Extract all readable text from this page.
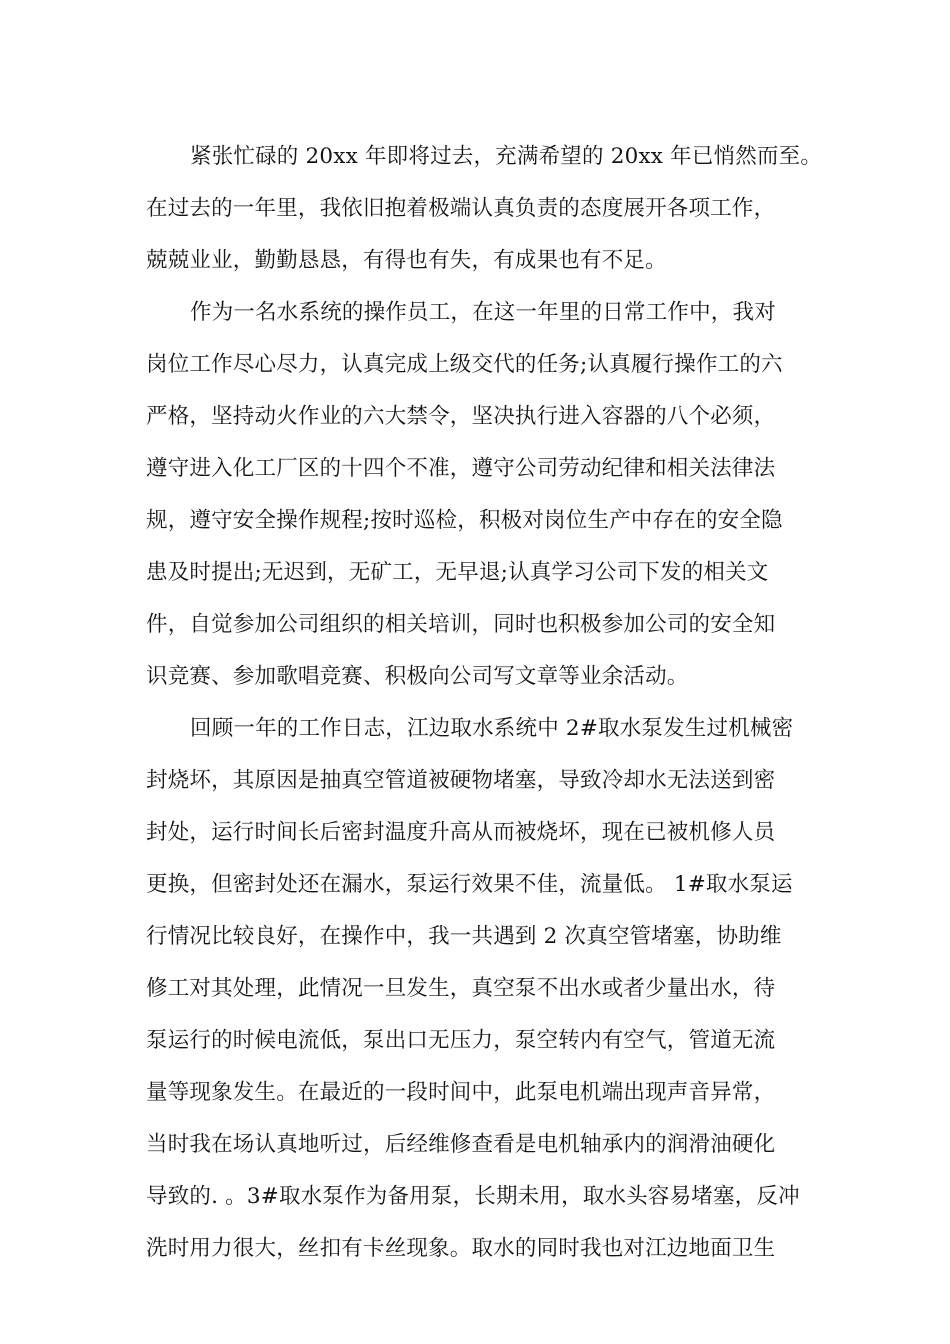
紧张忙碌的 20xx 年即将过去，充满希望的 20xx 年已悄然而至。
在过去的一年里，我依旧抱着极端认真负责的态度展开各项工作，
兢兢业业，勤勤恳恳，有得也有失，有成果也有不足。
作为一名水系统的操作员工，在这一年里的日常工作中，我对
岗位工作尽心尽力，认真完成上级交代的任务;认真履行操作工的六
严格，坚持动火作业的六大禁令，坚决执行进入容器的八个必须，
遵守进入化工厂区的十四个不准，遵守公司劳动纪律和相关法律法
规，遵守安全操作规程;按时巡检，积极对岗位生产中存在的安全隐
患及时提出;无迟到，无矿工，无早退;认真学习公司下发的相关文
件，自觉参加公司组织的相关培训，同时也积极参加公司的安全知
识竞赛、参加歌唱竞赛、积极向公司写文章等业余活动。
回顾一年的工作日志，江边取水系统中 2#取水泵发生过机械密
封烧坏，其原因是抽真空管道被硬物堵塞，导致冷却水无法送到密
封处，运行时间长后密封温度升高从而被烧坏，现在已被机修人员
更换，但密封处还在漏水，泵运行效果不佳，流量低。 1#取水泵运
行情况比较良好，在操作中，我一共遇到 2 次真空管堵塞，协助维
修工对其处理，此情况一旦发生，真空泵不出水或者少量出水，待
泵运行的时候电流低，泵出口无压力，泵空转内有空气，管道无流
量等现象发生。在最近的一段时间中，此泵电机端出现声音异常，
当时我在场认真地听过，后经维修查看是电机轴承内的润滑油硬化
导致的. 。3#取水泵作为备用泵，长期未用，取水头容易堵塞，反冲
洗时用力很大，丝扣有卡丝现象。取水的同时我也对江边地面卫生
